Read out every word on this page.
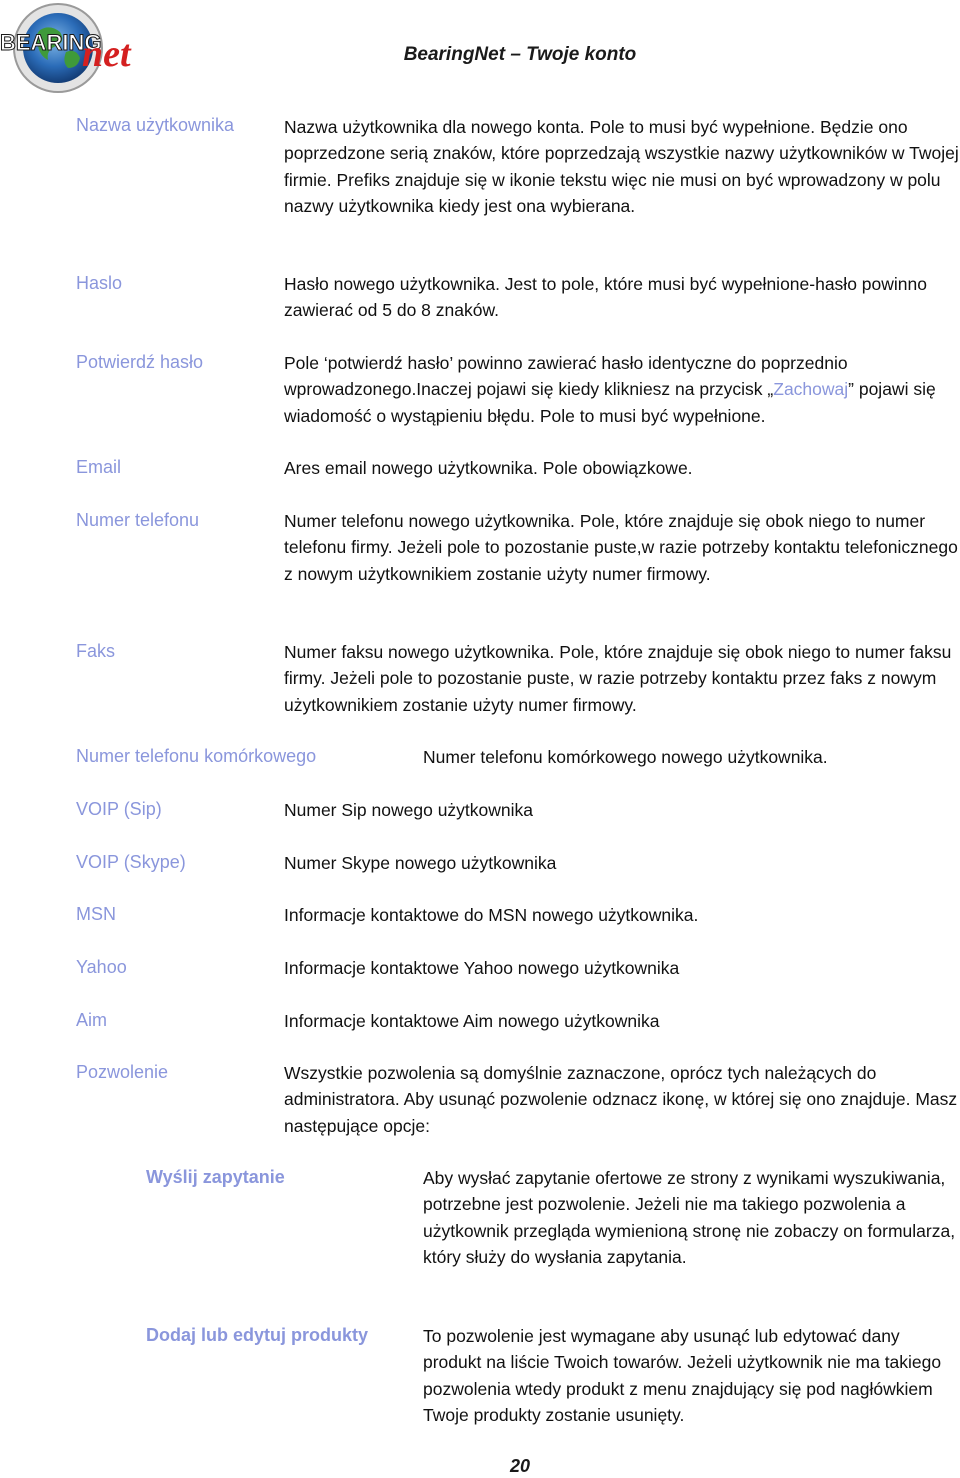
BEARING
net	BearingNet – Twoje konto
Nazwa użytkownika	Nazwa użytkownika dla nowego konta. Pole to musi być wypełnione. Będzie ono poprzedzone serią znaków, które poprzedzają wszystkie nazwy użytkowników w Twojej firmie. Prefiks znajduje się w ikonie tekstu więc nie musi on być wprowadzony w polu nazwy użytkownika kiedy jest ona wybierana.
Haslo	Hasło nowego użytkownika. Jest to pole, które musi być wypełnione-hasło powinno zawierać od 5 do 8 znaków.
Potwierdź hasło	Pole ‘potwierdź hasło’ powinno zawierać hasło identyczne do poprzednio wprowadzonego.Inaczej pojawi się kiedy klikniesz na przycisk „Zachowaj” pojawi się wiadomość o wystąpieniu błędu. Pole to musi być wypełnione.
Email	Ares email nowego użytkownika. Pole obowiązkowe.
Numer telefonu	Numer telefonu nowego użytkownika. Pole, które znajduje się obok niego to numer telefonu firmy. Jeżeli pole to pozostanie puste,w razie potrzeby kontaktu telefonicznego z nowym użytkownikiem zostanie użyty numer firmowy.
Faks	Numer faksu nowego użytkownika. Pole, które znajduje się obok niego to numer faksu firmy. Jeżeli pole to pozostanie puste, w razie potrzeby kontaktu przez faks z nowym użytkownikiem zostanie użyty numer firmowy.
Numer telefonu komórkowego	Numer telefonu komórkowego nowego użytkownika.
VOIP (Sip)	Numer Sip nowego użytkownika
VOIP (Skype)	Numer Skype nowego użytkownika
MSN	Informacje kontaktowe do MSN nowego użytkownika.
Yahoo	Informacje kontaktowe Yahoo nowego użytkownika
Aim	Informacje kontaktowe Aim nowego użytkownika
Pozwolenie	Wszystkie pozwolenia są domyślnie zaznaczone, oprócz tych należących do administratora. Aby usunąć pozwolenie odznacz ikonę, w której się ono znajduje. Masz następujące opcje:
Wyślij zapytanie	Aby wysłać zapytanie ofertowe ze strony z wynikami wyszukiwania, potrzebne jest pozwolenie. Jeżeli nie ma takiego pozwolenia a użytkownik przegląda wymienioną stronę nie zobaczy on formularza, który służy do wysłania zapytania.
Dodaj lub edytuj produkty	To pozwolenie jest wymagane aby usunąć lub edytować dany produkt na liście Twoich towarów. Jeżeli użytkownik nie ma takiego pozwolenia wtedy produkt z menu znajdujący się pod nagłówkiem Twoje produkty zostanie usunięty.
20
